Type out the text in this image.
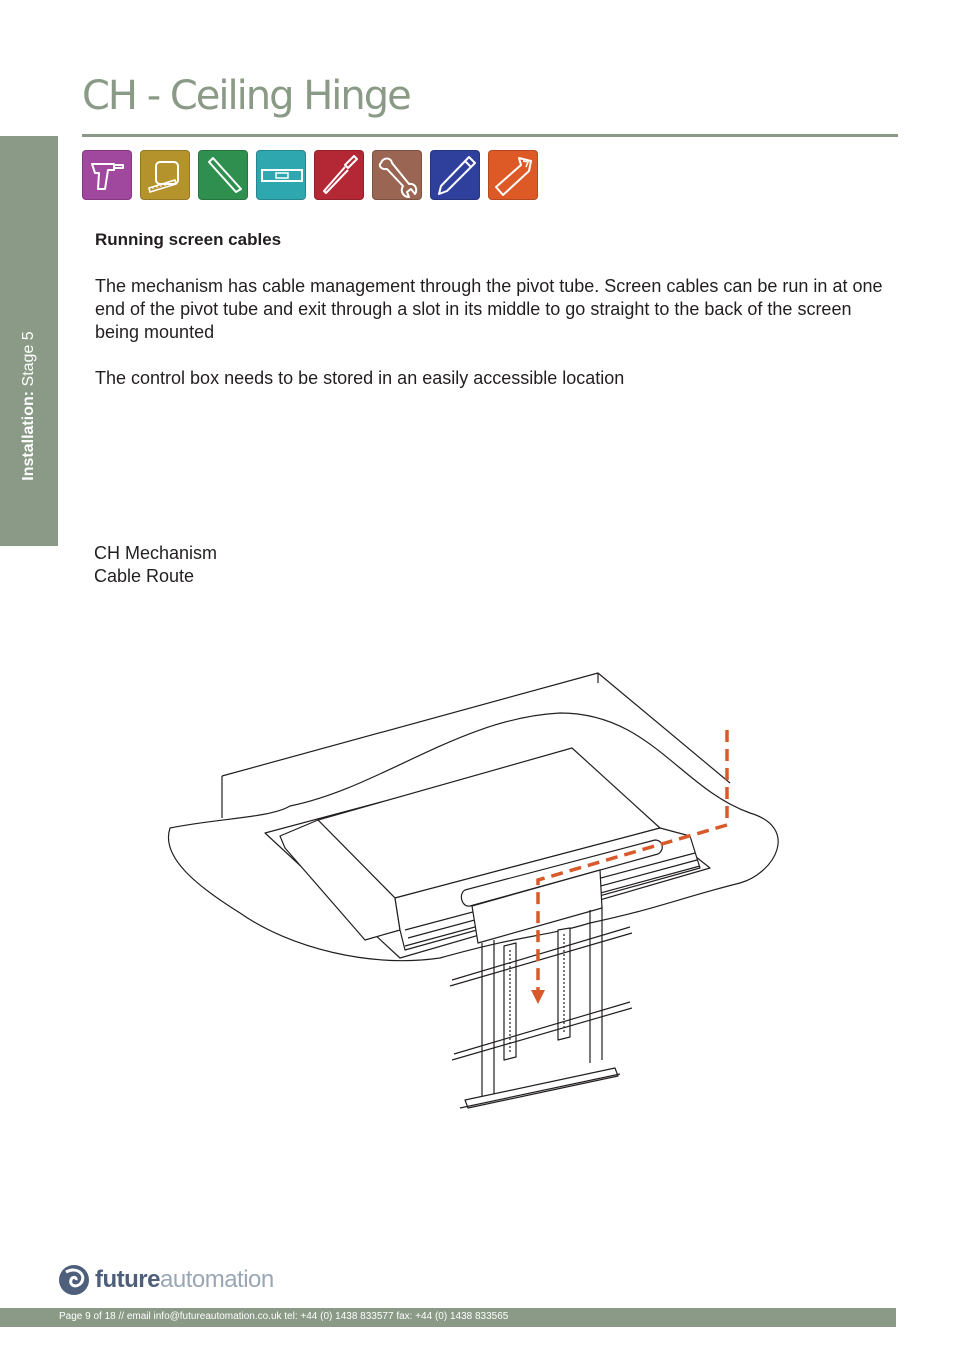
CH - Ceiling Hinge
Installation: Stage 5
Running screen cables
The mechanism has cable management through the pivot tube. Screen cables can be run in at one end of the pivot tube and exit through a slot in its middle to go straight to the back of the screen being mounted
The control box needs to be stored in an easily accessible location
CH Mechanism
Cable Route
futureautomation
Page 9 of 18 // email info@futureautomation.co.uk tel: +44 (0) 1438 833577 fax: +44 (0) 1438 833565
